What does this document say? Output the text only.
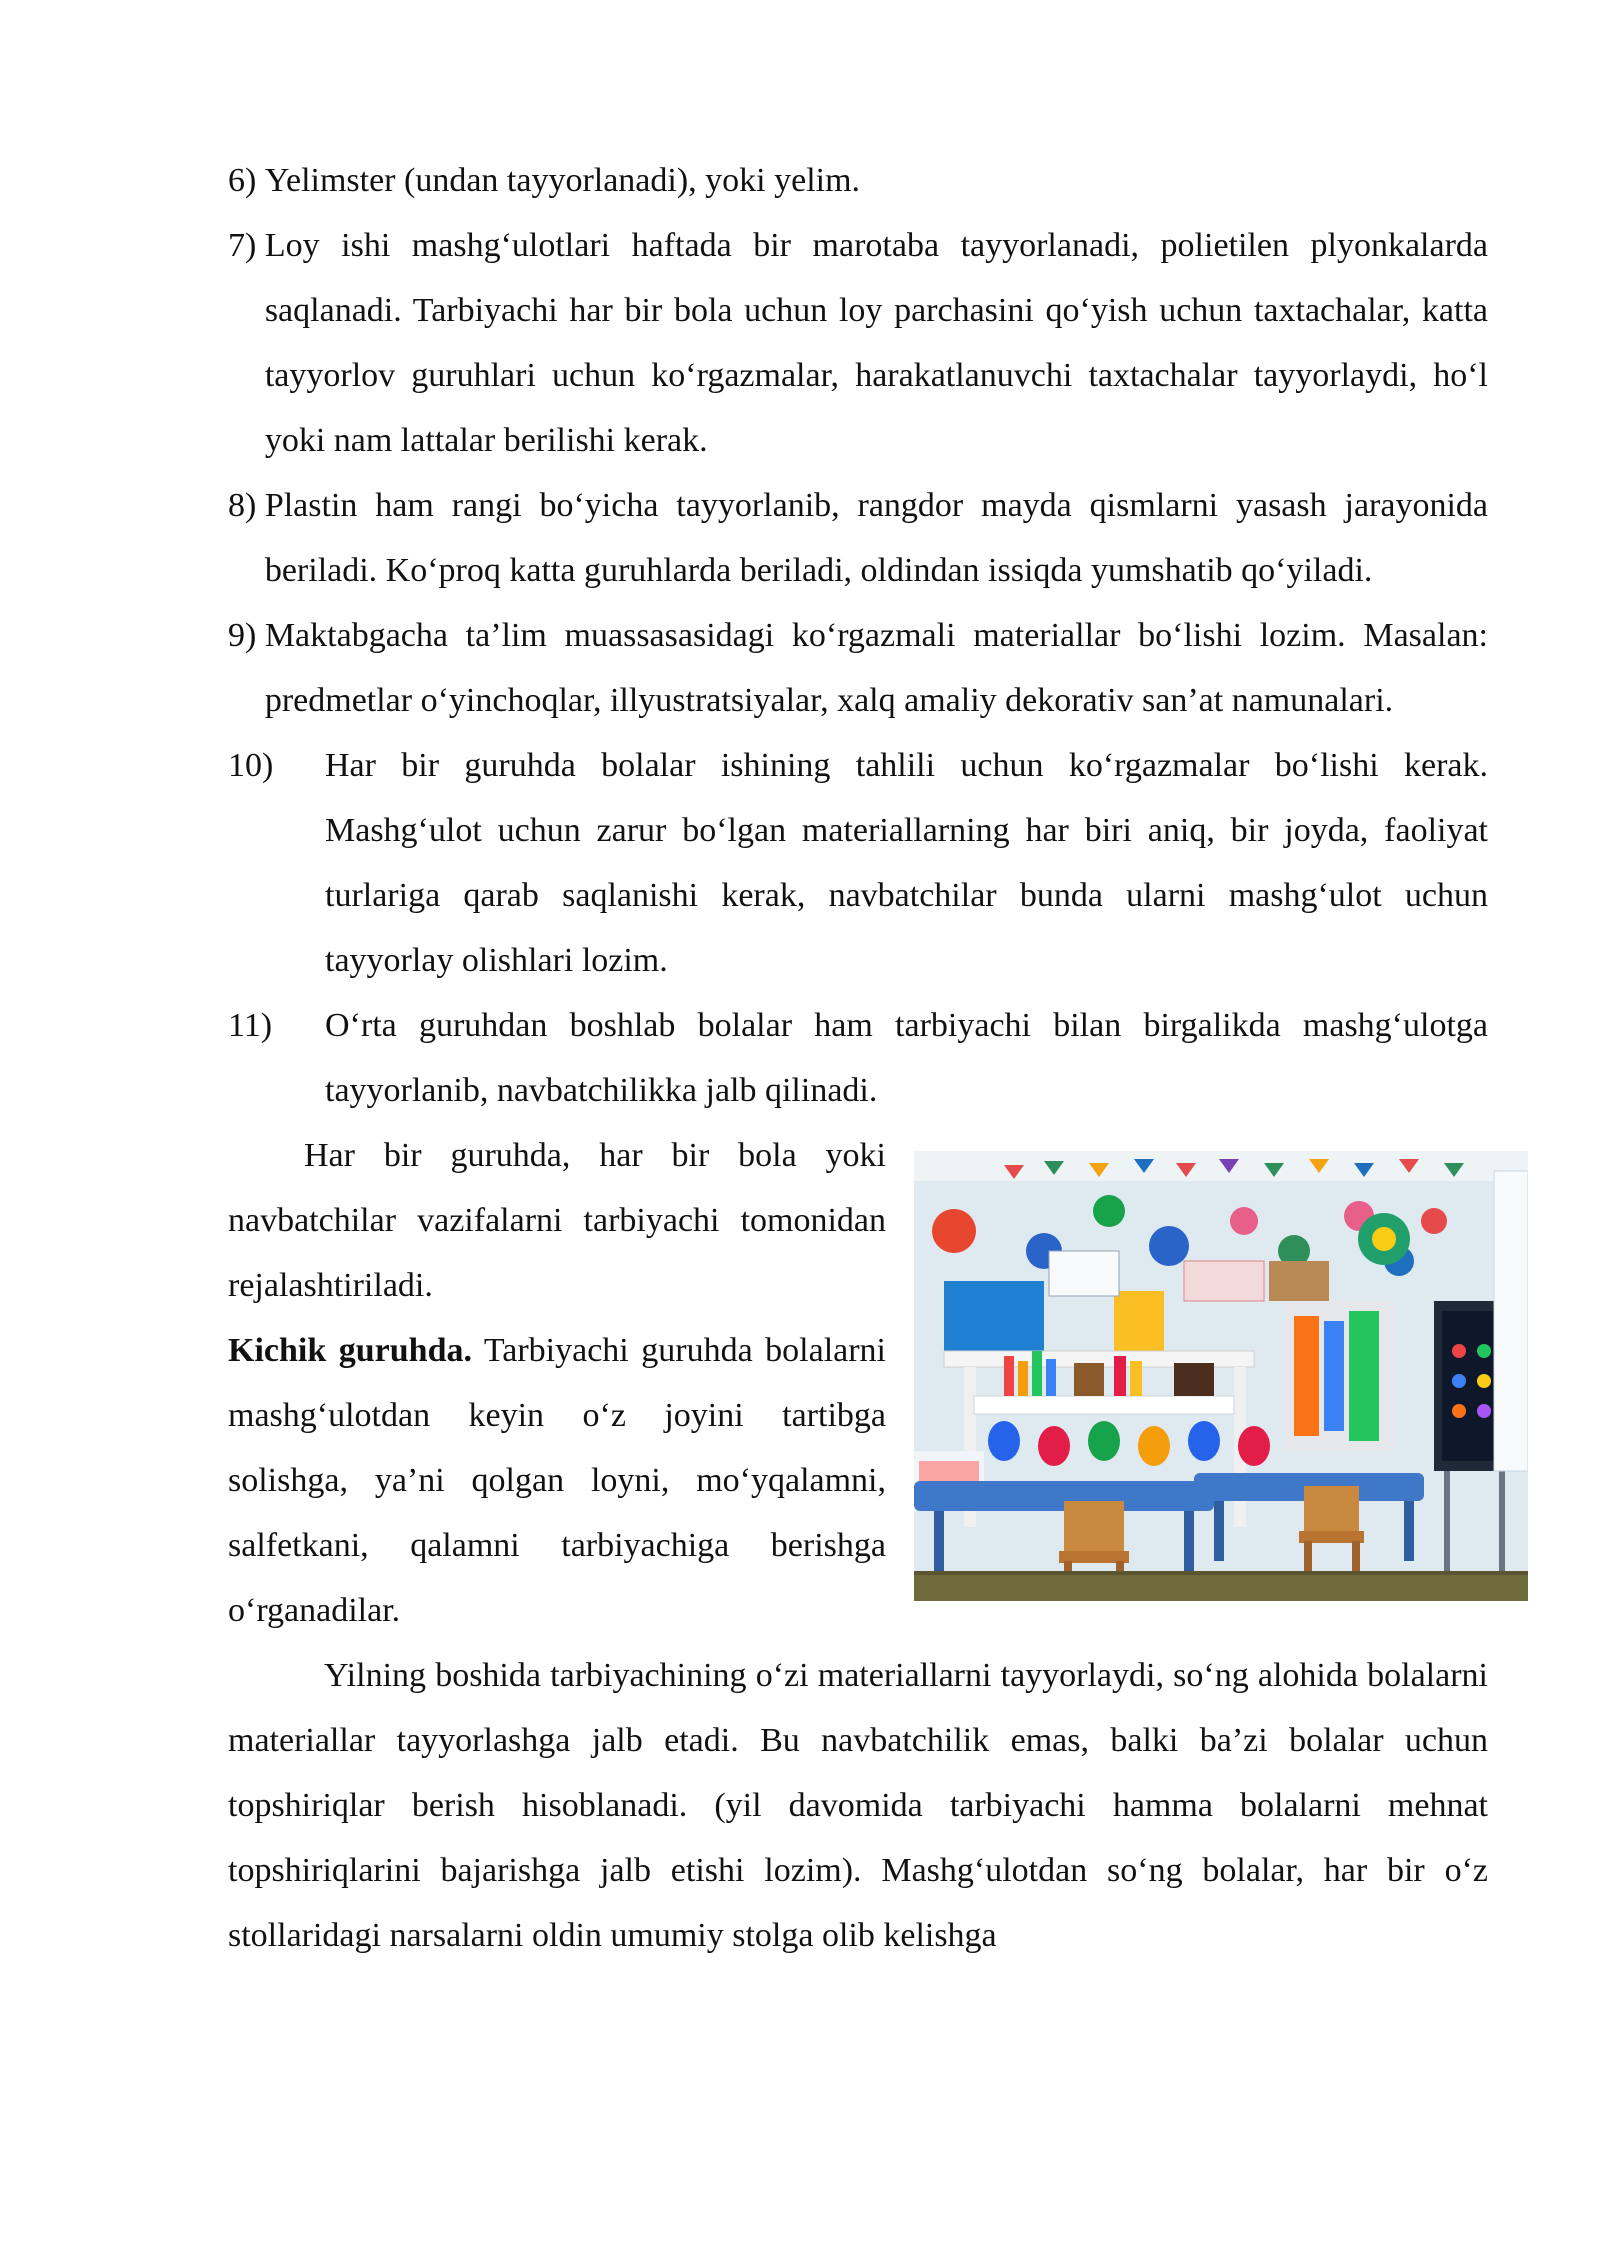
6) Yelimster (undan tayyorlanadi), yoki yelim.
7) Loy ishi mashg‘ulotlari haftada bir marotaba tayyorlanadi, polietilen plyonkalarda saqlanadi. Tarbiyachi har bir bola uchun loy parchasini qo‘yish uchun taxtachalar, katta tayyorlov guruhlari uchun ko‘rgazmalar, harakatlanuvchi taxtachalar tayyorlaydi, ho‘l yoki nam lattalar berilishi kerak.
8) Plastin ham rangi bo‘yicha tayyorlanib, rangdor mayda qismlarni yasash jarayonida beriladi. Ko‘proq katta guruhlarda beriladi, oldindan issiqda yumshatib qo‘yiladi.
9) Maktabgacha ta’lim muassasasidagi ko‘rgazmali materiallar bo‘lishi lozim. Masalan: predmetlar o‘yinchoqlar, illyustratsiyalar, xalq amaliy dekorativ san’at namunalari.
10)	Har bir guruhda bolalar ishining tahlili uchun ko‘rgazmalar bo‘lishi kerak. Mashg‘ulot uchun zarur bo‘lgan materiallarning har biri aniq, bir joyda, faoliyat turlariga qarab saqlanishi kerak, navbatchilar bunda ularni mashg‘ulot uchun tayyorlay olishlari lozim.
11)	O‘rta guruhdan boshlab bolalar ham tarbiyachi bilan birgalikda mashg‘ulotga tayyorlanib, navbatchilikka jalb qilinadi.

Har bir guruhda, har bir bola yoki navbatchilar vazifalarni tarbiyachi tomonidan rejalashtiriladi.

Kichik guruhda. Tarbiyachi guruhda bolalarni mashg‘ulotdan keyin o‘z joyini tartibga solishga, ya’ni qolgan loyni, mo‘yqalamni, salfetkani, qalamni tarbiyachiga berishga o‘rganadilar.

Yilning boshida tarbiyachining o‘zi materiallarni tayyorlaydi, so‘ng alohida bolalarni materiallar tayyorlashga jalb etadi. Bu navbatchilik emas, balki ba’zi bolalar uchun topshiriqlar berish hisoblanadi. (yil davomida tarbiyachi hamma bolalarni mehnat topshiriqlarini bajarishga jalb etishi lozim). Mashg‘ulotdan so‘ng bolalar, har bir o‘z stollaridagi narsalarni oldin umumiy stolga olib kelishga
